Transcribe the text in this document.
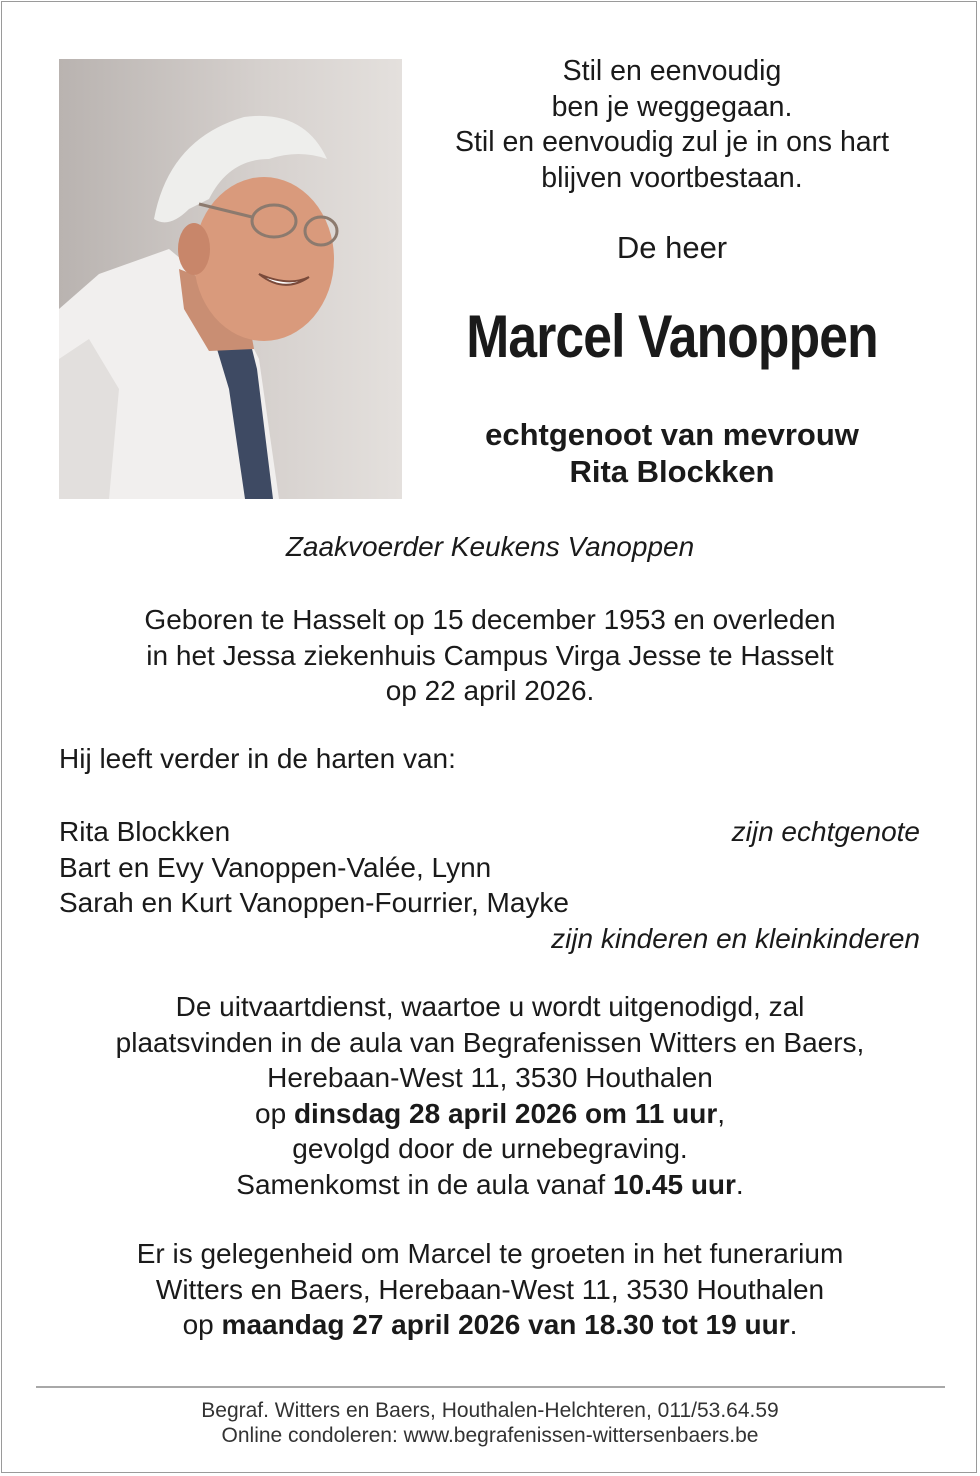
Stil en eenvoudig
ben je weggegaan.
Stil en eenvoudig zul je in ons hart
blijven voortbestaan.
De heer
Marcel Vanoppen
echtgenoot van mevrouw
Rita Blockken
Zaakvoerder Keukens Vanoppen
Geboren te Hasselt op 15 december 1953 en overleden
in het Jessa ziekenhuis Campus Virga Jesse te Hasselt
op 22 april 2026.
Hij leeft verder in de harten van:
Rita Blockken	zijn echtgenote
Bart en Evy Vanoppen-Valée, Lynn
Sarah en Kurt Vanoppen-Fourrier, Mayke
zijn kinderen en kleinkinderen
De uitvaartdienst, waartoe u wordt uitgenodigd, zal
plaatsvinden in de aula van Begrafenissen Witters en Baers,
Herebaan-West 11, 3530 Houthalen
op dinsdag 28 april 2026 om 11 uur,
gevolgd door de urnebegraving.
Samenkomst in de aula vanaf 10.45 uur.
Er is gelegenheid om Marcel te groeten in het funerarium
Witters en Baers, Herebaan-West 11, 3530 Houthalen
op maandag 27 april 2026 van 18.30 tot 19 uur.
Begraf. Witters en Baers, Houthalen-Helchteren, 011/53.64.59
Online condoleren: www.begrafenissen-wittersenbaers.be
